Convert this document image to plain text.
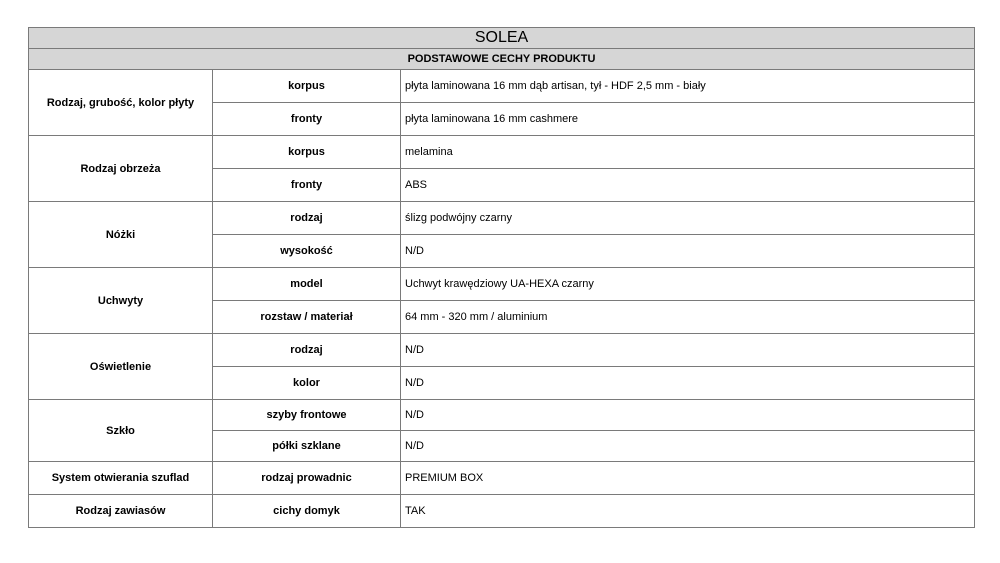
SOLEA		
PODSTAWOWE CECHY PRODUKTU		
Rodzaj, grubość, kolor płyty	korpus	płyta laminowana 16 mm dąb artisan, tył - HDF 2,5 mm - biały
	fronty	płyta laminowana 16 mm cashmere
Rodzaj obrzeża	korpus	melamina
	fronty	ABS
Nóżki	rodzaj	ślizg podwójny czarny
	wysokość	N/D
Uchwyty	model	Uchwyt krawędziowy UA-HEXA czarny
	rozstaw / materiał	64 mm - 320 mm / aluminium
Oświetlenie	rodzaj	N/D
	kolor	N/D
Szkło	szyby frontowe	N/D
	półki szklane	N/D
System otwierania szuflad	rodzaj prowadnic	PREMIUM BOX
Rodzaj zawiasów	cichy domyk	TAK
